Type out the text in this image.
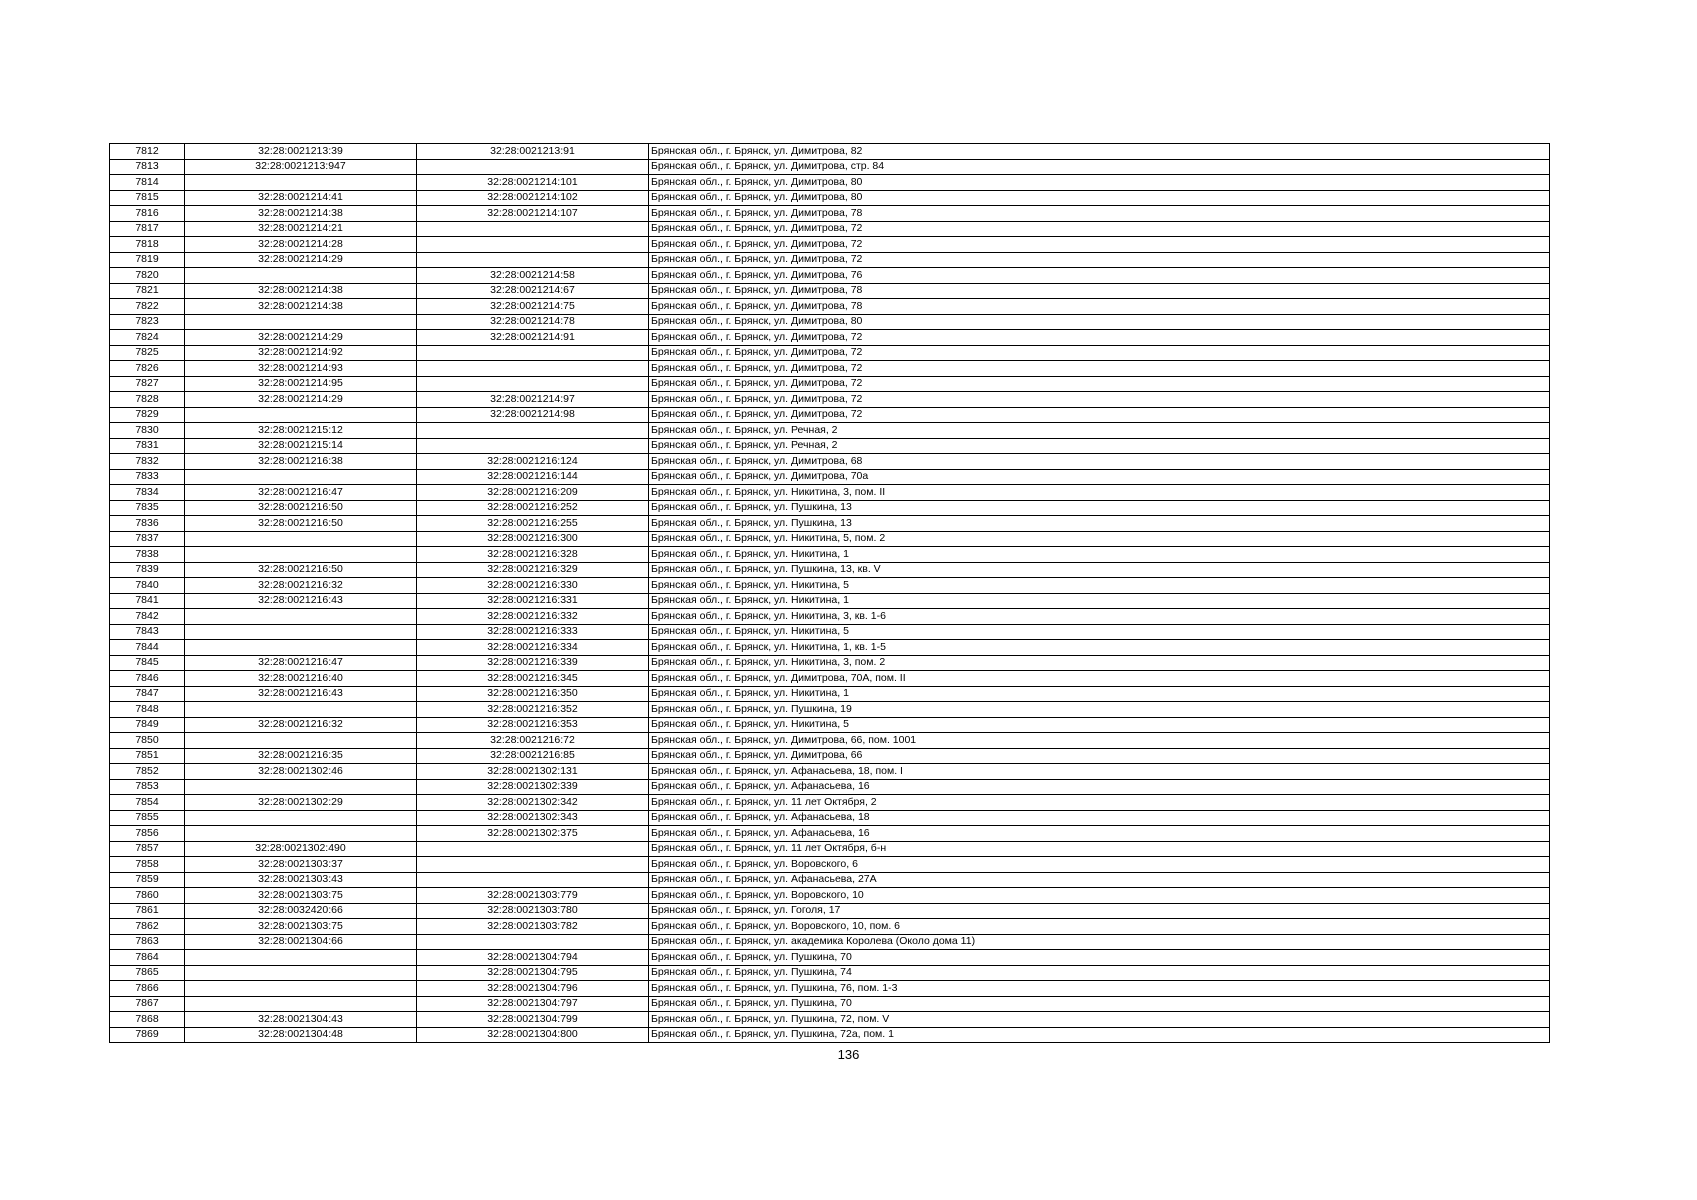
7812	32:28:0021213:39	32:28:0021213:91	Брянская обл., г. Брянск, ул. Димитрова, 82
7813	32:28:0021213:947		Брянская обл., г. Брянск, ул. Димитрова, стр. 84
7814		32:28:0021214:101	Брянская обл., г. Брянск, ул. Димитрова, 80
7815	32:28:0021214:41	32:28:0021214:102	Брянская обл., г. Брянск, ул. Димитрова, 80
7816	32:28:0021214:38	32:28:0021214:107	Брянская обл., г. Брянск, ул. Димитрова, 78
7817	32:28:0021214:21		Брянская обл., г. Брянск, ул. Димитрова, 72
7818	32:28:0021214:28		Брянская обл., г. Брянск, ул. Димитрова, 72
7819	32:28:0021214:29		Брянская обл., г. Брянск, ул. Димитрова, 72
7820		32:28:0021214:58	Брянская обл., г. Брянск, ул. Димитрова, 76
7821	32:28:0021214:38	32:28:0021214:67	Брянская обл., г. Брянск, ул. Димитрова, 78
7822	32:28:0021214:38	32:28:0021214:75	Брянская обл., г. Брянск, ул. Димитрова, 78
7823		32:28:0021214:78	Брянская обл., г. Брянск, ул. Димитрова, 80
7824	32:28:0021214:29	32:28:0021214:91	Брянская обл., г. Брянск, ул. Димитрова, 72
7825	32:28:0021214:92		Брянская обл., г. Брянск, ул. Димитрова, 72
7826	32:28:0021214:93		Брянская обл., г. Брянск, ул. Димитрова, 72
7827	32:28:0021214:95		Брянская обл., г. Брянск, ул. Димитрова, 72
7828	32:28:0021214:29	32:28:0021214:97	Брянская обл., г. Брянск, ул. Димитрова, 72
7829		32:28:0021214:98	Брянская обл., г. Брянск, ул. Димитрова, 72
7830	32:28:0021215:12		Брянская обл., г. Брянск, ул. Речная, 2
7831	32:28:0021215:14		Брянская обл., г. Брянск, ул. Речная, 2
7832	32:28:0021216:38	32:28:0021216:124	Брянская обл., г. Брянск, ул. Димитрова, 68
7833		32:28:0021216:144	Брянская обл., г. Брянск, ул. Димитрова, 70а
7834	32:28:0021216:47	32:28:0021216:209	Брянская обл., г. Брянск, ул. Никитина, 3, пом. II
7835	32:28:0021216:50	32:28:0021216:252	Брянская обл., г. Брянск, ул. Пушкина, 13
7836	32:28:0021216:50	32:28:0021216:255	Брянская обл., г. Брянск, ул. Пушкина, 13
7837		32:28:0021216:300	Брянская обл., г. Брянск, ул. Никитина, 5, пом. 2
7838		32:28:0021216:328	Брянская обл., г. Брянск, ул. Никитина, 1
7839	32:28:0021216:50	32:28:0021216:329	Брянская обл., г. Брянск, ул. Пушкина, 13, кв. V
7840	32:28:0021216:32	32:28:0021216:330	Брянская обл., г. Брянск, ул. Никитина, 5
7841	32:28:0021216:43	32:28:0021216:331	Брянская обл., г. Брянск, ул. Никитина, 1
7842		32:28:0021216:332	Брянская обл., г. Брянск, ул. Никитина, 3, кв. 1-6
7843		32:28:0021216:333	Брянская обл., г. Брянск, ул. Никитина, 5
7844		32:28:0021216:334	Брянская обл., г. Брянск, ул. Никитина, 1, кв. 1-5
7845	32:28:0021216:47	32:28:0021216:339	Брянская обл., г. Брянск, ул. Никитина, 3, пом. 2
7846	32:28:0021216:40	32:28:0021216:345	Брянская обл., г. Брянск, ул. Димитрова, 70А, пом. II
7847	32:28:0021216:43	32:28:0021216:350	Брянская обл., г. Брянск, ул. Никитина, 1
7848		32:28:0021216:352	Брянская обл., г. Брянск, ул. Пушкина, 19
7849	32:28:0021216:32	32:28:0021216:353	Брянская обл., г. Брянск, ул. Никитина, 5
7850		32:28:0021216:72	Брянская обл., г. Брянск, ул. Димитрова, 66, пом. 1001
7851	32:28:0021216:35	32:28:0021216:85	Брянская обл., г. Брянск, ул. Димитрова, 66
7852	32:28:0021302:46	32:28:0021302:131	Брянская обл., г. Брянск, ул. Афанасьева, 18, пом. I
7853		32:28:0021302:339	Брянская обл., г. Брянск, ул. Афанасьева, 16
7854	32:28:0021302:29	32:28:0021302:342	Брянская обл., г. Брянск, ул. 11 лет Октября, 2
7855		32:28:0021302:343	Брянская обл., г. Брянск, ул. Афанасьева, 18
7856		32:28:0021302:375	Брянская обл., г. Брянск, ул. Афанасьева, 16
7857	32:28:0021302:490		Брянская обл., г. Брянск, ул. 11 лет Октября, б-н
7858	32:28:0021303:37		Брянская обл., г. Брянск, ул. Воровского, 6
7859	32:28:0021303:43		Брянская обл., г. Брянск, ул. Афанасьева, 27А
7860	32:28:0021303:75	32:28:0021303:779	Брянская обл., г. Брянск, ул. Воровского, 10
7861	32:28:0032420:66	32:28:0021303:780	Брянская обл., г. Брянск, ул. Гоголя, 17
7862	32:28:0021303:75	32:28:0021303:782	Брянская обл., г. Брянск, ул. Воровского, 10, пом. 6
7863	32:28:0021304:66		Брянская обл., г. Брянск, ул. академика Королева (Около дома 11)
7864		32:28:0021304:794	Брянская обл., г. Брянск, ул. Пушкина, 70
7865		32:28:0021304:795	Брянская обл., г. Брянск, ул. Пушкина, 74
7866		32:28:0021304:796	Брянская обл., г. Брянск, ул. Пушкина, 76, пом. 1-3
7867		32:28:0021304:797	Брянская обл., г. Брянск, ул. Пушкина, 70
7868	32:28:0021304:43	32:28:0021304:799	Брянская обл., г. Брянск, ул. Пушкина, 72, пом. V
7869	32:28:0021304:48	32:28:0021304:800	Брянская обл., г. Брянск, ул. Пушкина, 72а, пом. 1
136
